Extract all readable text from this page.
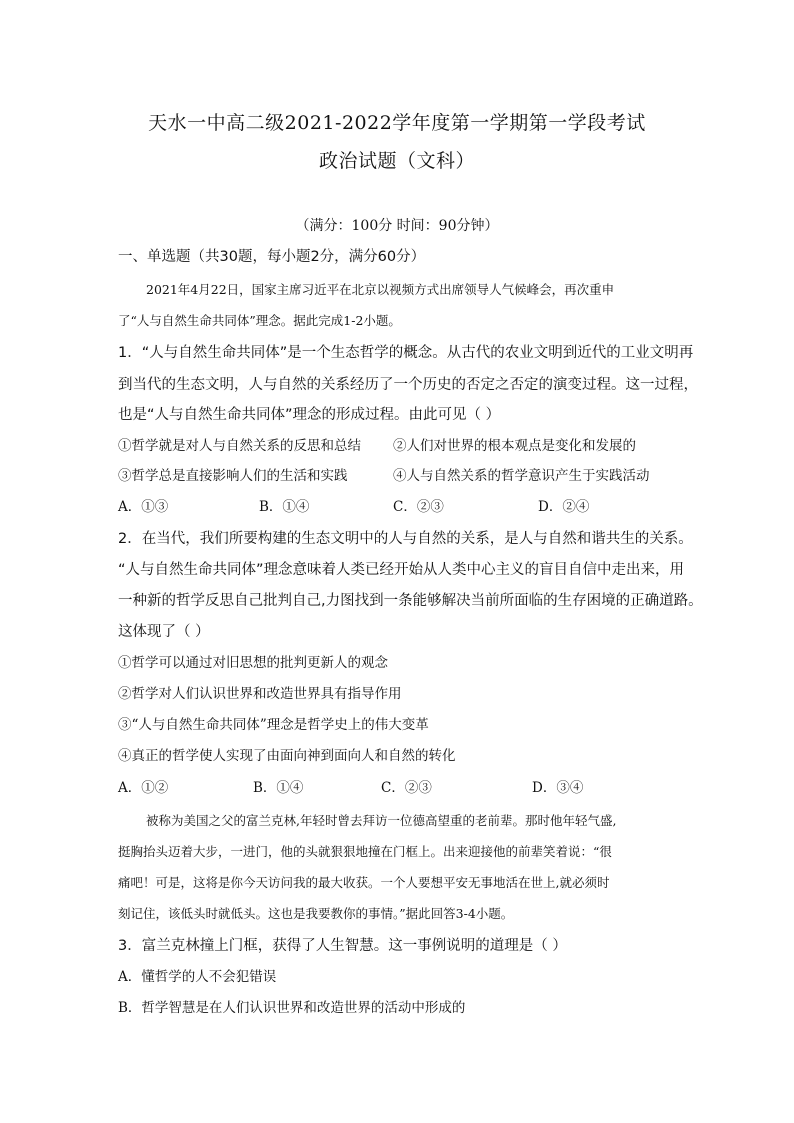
天水一中高二级2021-2022学年度第一学期第一学段考试
政治试题（文科）
（满分：100分 时间：90分钟）
一、单选题（共30题，每小题2分，满分60分）
2021年4月22日，国家主席习近平在北京以视频方式出席领导人气候峰会，再次重申
了“人与自然生命共同体”理念。据此完成1-2小题。
1．“人与自然生命共同体”是一个生态哲学的概念。从古代的农业文明到近代的工业文明再
到当代的生态文明，人与自然的关系经历了一个历史的否定之否定的演变过程。这一过程，
也是“人与自然生命共同体”理念的形成过程。由此可见（ ）
①哲学就是对人与自然关系的反思和总结 ②人们对世界的根本观点是变化和发展的
③哲学总是直接影响人们的生活和实践	④人与自然关系的哲学意识产生于实践活动
A．①③	B．①④	C．②③	D．②④
2．在当代，我们所要构建的生态文明中的人与自然的关系，是人与自然和谐共生的关系。
“人与自然生命共同体”理念意味着人类已经开始从人类中心主义的盲目自信中走出来，用
一种新的哲学反思自己批判自己,力图找到一条能够解决当前所面临的生存困境的正确道路。
这体现了（ ）
①哲学可以通过对旧思想的批判更新人的观念
②哲学对人们认识世界和改造世界具有指导作用
③“人与自然生命共同体”理念是哲学史上的伟大变革
④真正的哲学使人实现了由面向神到面向人和自然的转化
A．①②	B．①④	C．②③	D．③④
被称为美国之父的富兰克林,年轻时曾去拜访一位德高望重的老前辈。那时他年轻气盛,
挺胸抬头迈着大步，一进门，他的头就狠狠地撞在门框上。出来迎接他的前辈笑着说：“很
痛吧！可是，这将是你今天访问我的最大收获。一个人要想平安无事地活在世上,就必须时
刻记住，该低头时就低头。这也是我要教你的事情。”据此回答3-4小题。
3．富兰克林撞上门框，获得了人生智慧。这一事例说明的道理是（ ）
A．懂哲学的人不会犯错误
B．哲学智慧是在人们认识世界和改造世界的活动中形成的
